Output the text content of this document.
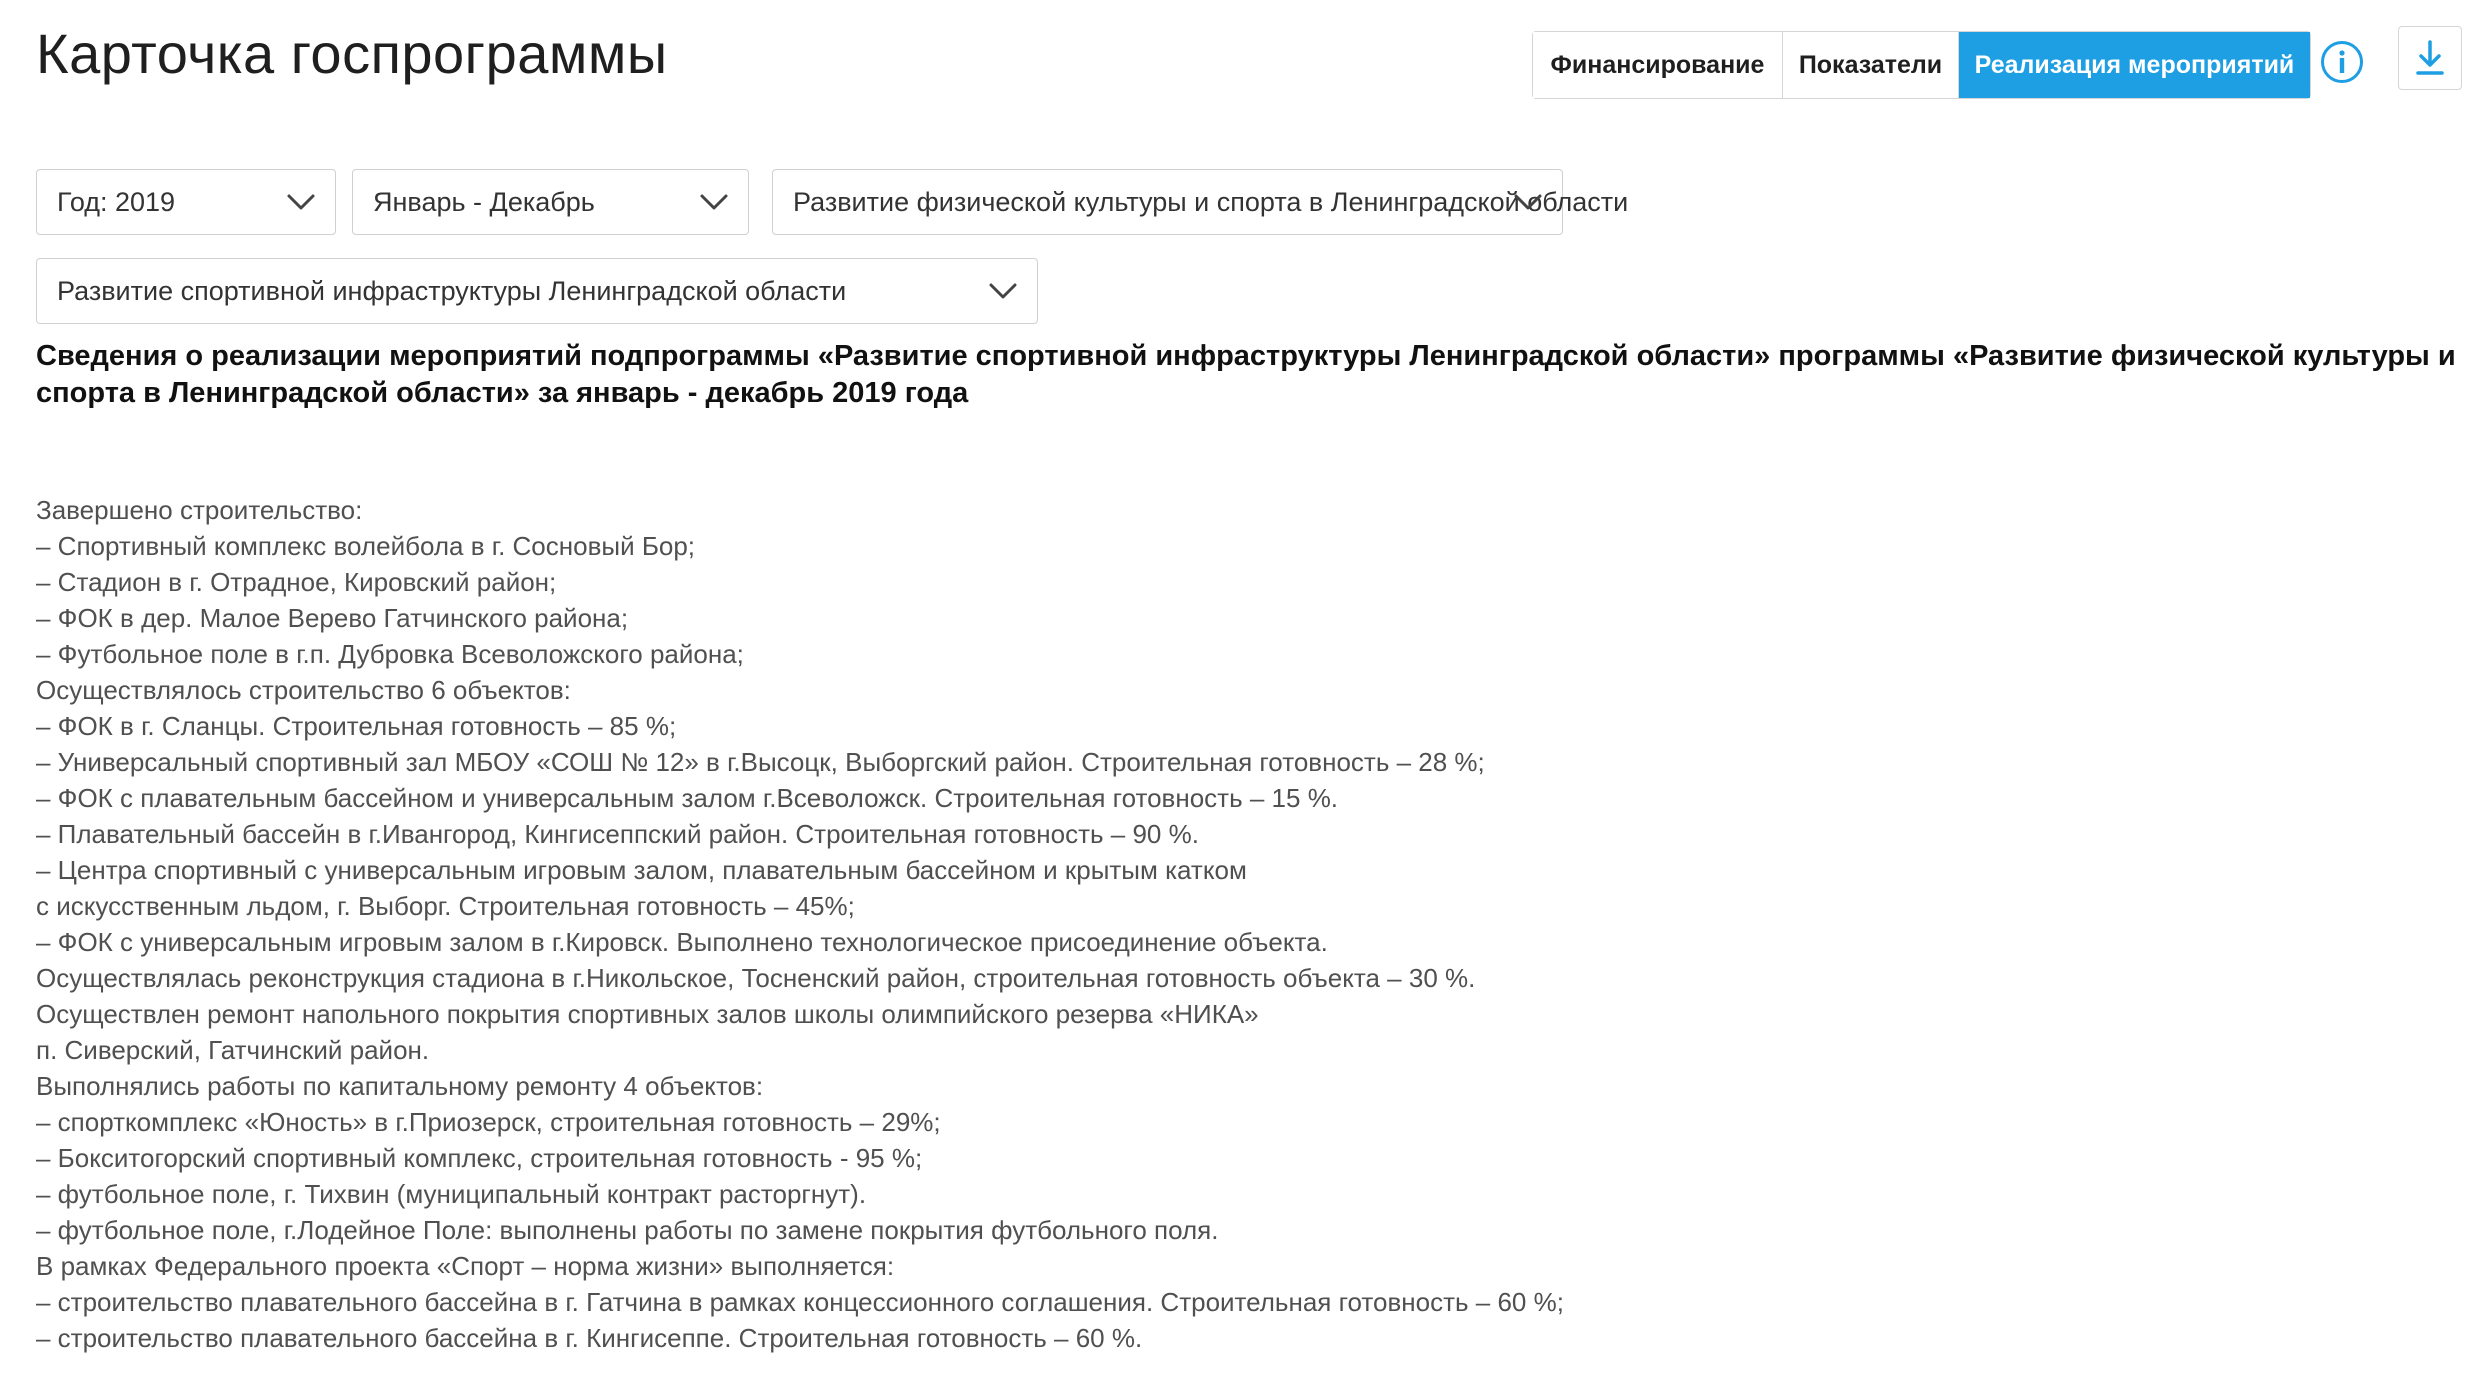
Карточка госпрограммы	Финансирование	Показатели	Реализация мероприятий
Год: 2019	Январь - Декабрь	Развитие физической культуры и спорта в Ленинградской области
Развитие спортивной инфраструктуры Ленинградской области
Сведения о реализации мероприятий подпрограммы «Развитие спортивной инфраструктуры Ленинградской области» программы «Развитие физической культуры и спорта в Ленинградской области» за январь - декабрь 2019 года
Завершено строительство:
– Спортивный комплекс волейбола в г. Сосновый Бор;
– Стадион в г. Отрадное, Кировский район;
– ФОК в дер. Малое Верево Гатчинского района;
– Футбольное поле в г.п. Дубровка Всеволожского района;
Осуществлялось строительство 6 объектов:
– ФОК в г. Сланцы. Строительная готовность – 85 %;
– Универсальный спортивный зал МБОУ «СОШ № 12» в г.Высоцк, Выборгский район. Строительная готовность – 28 %;
– ФОК с плавательным бассейном и универсальным залом г.Всеволожск. Строительная готовность – 15 %.
– Плавательный бассейн в г.Ивангород, Кингисеппский район. Строительная готовность – 90 %.
– Центра спортивный с универсальным игровым залом, плавательным бассейном и крытым катком
с искусственным льдом, г. Выборг. Строительная готовность – 45%;
– ФОК с универсальным игровым залом в г.Кировск. Выполнено технологическое присоединение объекта.
Осуществлялась реконструкция стадиона в г.Никольское, Тосненский район, строительная готовность объекта – 30 %.
Осуществлен ремонт напольного покрытия спортивных залов школы олимпийского резерва «НИКА»
п. Сиверский, Гатчинский район.
Выполнялись работы по капитальному ремонту 4 объектов:
– спорткомплекс «Юность» в г.Приозерск, строительная готовность – 29%;
– Бокситогорский спортивный комплекс, строительная готовность - 95 %;
– футбольное поле, г. Тихвин (муниципальный контракт расторгнут).
– футбольное поле, г.Лодейное Поле: выполнены работы по замене покрытия футбольного поля.
В рамках Федерального проекта «Спорт – норма жизни» выполняется:
– строительство плавательного бассейна в г. Гатчина в рамках концессионного соглашения. Строительная готовность – 60 %;
– строительство плавательного бассейна в г. Кингисеппе. Строительная готовность – 60 %.
